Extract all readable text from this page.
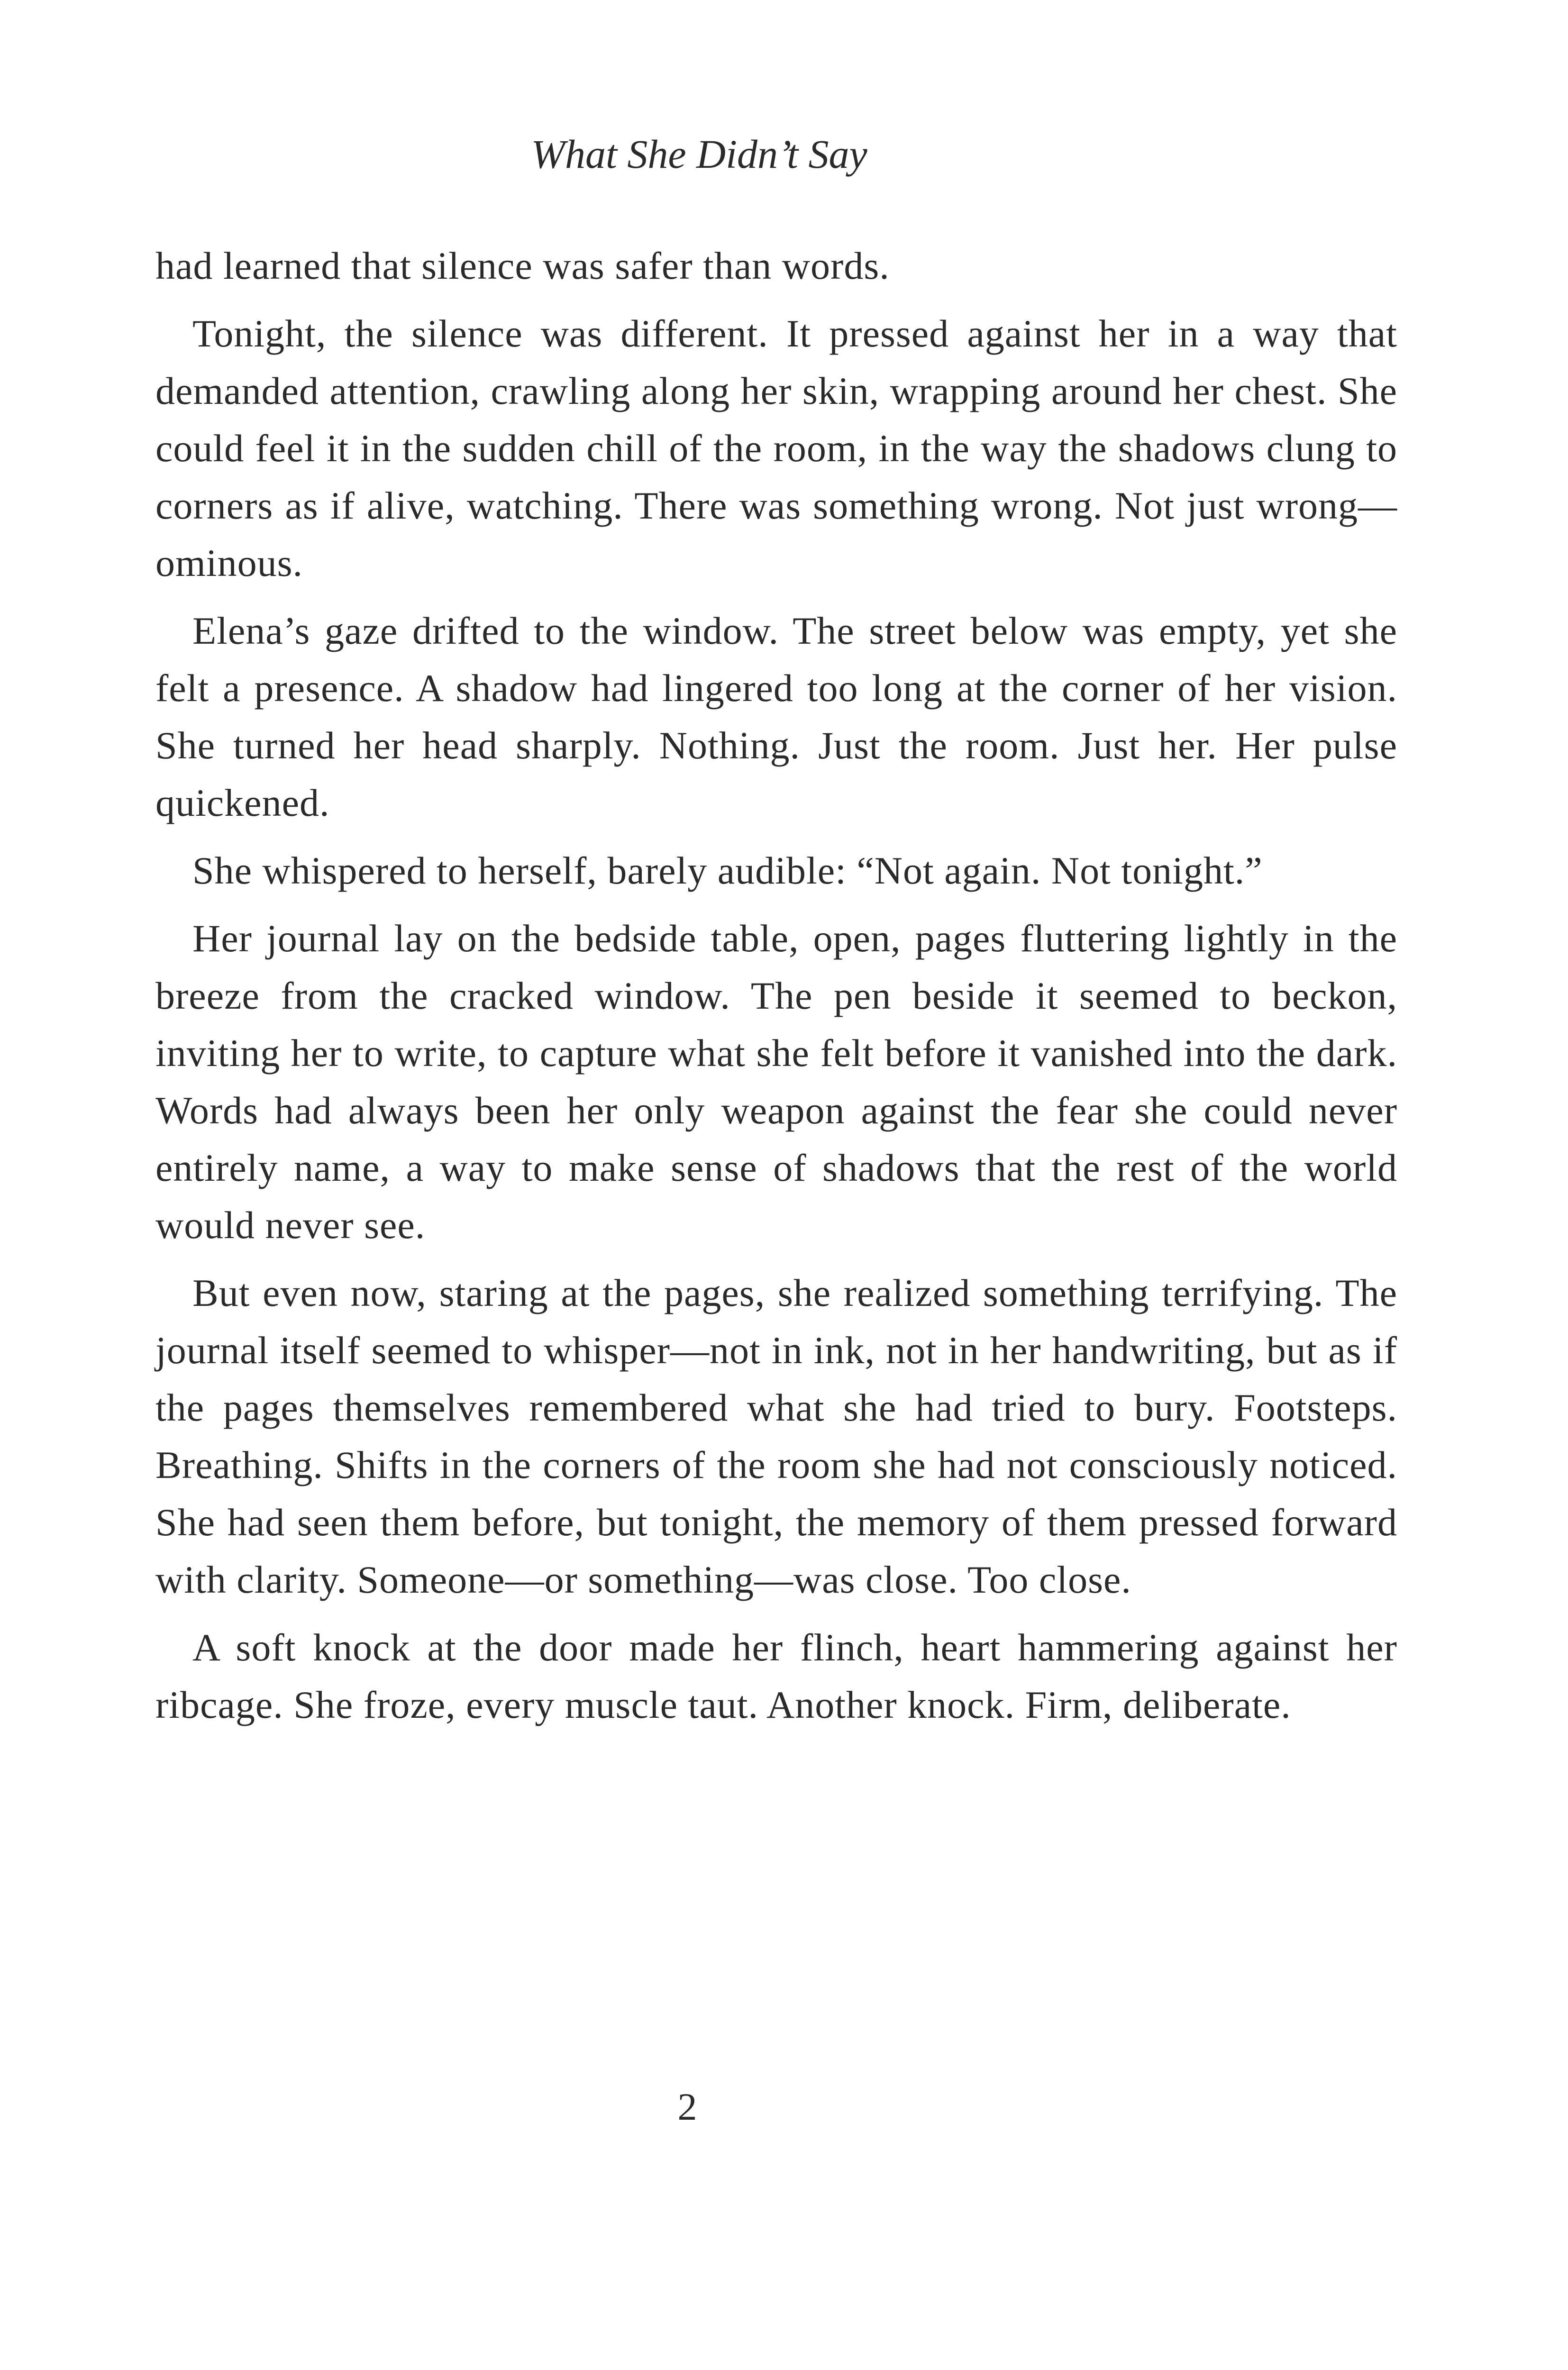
What She Didn’t Say

had learned that silence was safer than words.

Tonight, the silence was different. It pressed against her in a way that demanded attention, crawling along her skin, wrapping around her chest. She could feel it in the sudden chill of the room, in the way the shadows clung to corners as if alive, watching. There was something wrong. Not just wrong—ominous.

Elena’s gaze drifted to the window. The street below was empty, yet she felt a presence. A shadow had lingered too long at the corner of her vision. She turned her head sharply. Nothing. Just the room. Just her. Her pulse quickened.

She whispered to herself, barely audible: “Not again. Not tonight.”

Her journal lay on the bedside table, open, pages fluttering lightly in the breeze from the cracked window. The pen beside it seemed to beckon, inviting her to write, to capture what she felt before it vanished into the dark. Words had always been her only weapon against the fear she could never entirely name, a way to make sense of shadows that the rest of the world would never see.

But even now, staring at the pages, she realized something terrifying. The journal itself seemed to whisper—not in ink, not in her handwriting, but as if the pages themselves remembered what she had tried to bury. Footsteps. Breathing. Shifts in the corners of the room she had not consciously noticed. She had seen them before, but tonight, the memory of them pressed forward with clarity. Someone—or something—was close. Too close.

A soft knock at the door made her flinch, heart hammering against her ribcage. She froze, every muscle taut. Another knock. Firm, deliberate.

2
